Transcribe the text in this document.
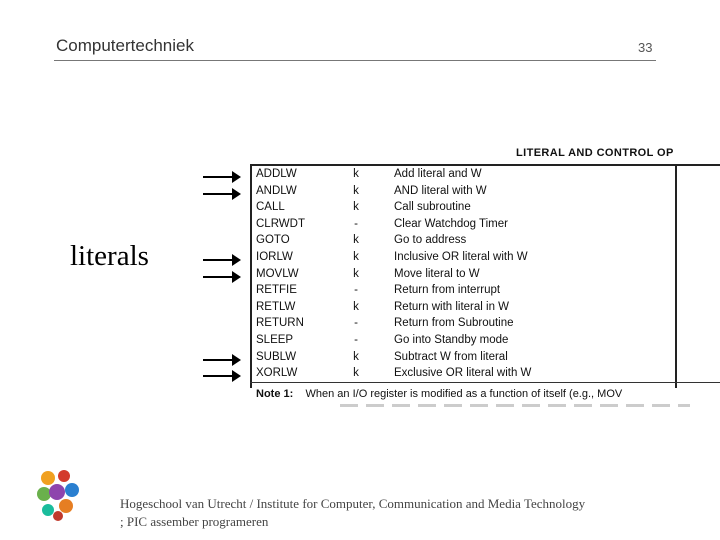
Computertechniek	33
literals
LITERAL AND CONTROL OP
ADDLW	k	Add literal and W
ANDLW	k	AND literal with W
CALL	k	Call subroutine
CLRWDT	-	Clear Watchdog Timer
GOTO	k	Go to address
IORLW	k	Inclusive OR literal with W
MOVLW	k	Move literal to W
RETFIE	-	Return from interrupt
RETLW	k	Return with literal in W
RETURN	-	Return from Subroutine
SLEEP	-	Go into Standby mode
SUBLW	k	Subtract W from literal
XORLW	k	Exclusive OR literal with W
Note 1: When an I/O register is modified as a function of itself (e.g., MOV
Hogeschool van Utrecht / Institute for Computer, Communication and Media Technology
; PIC assember programeren
